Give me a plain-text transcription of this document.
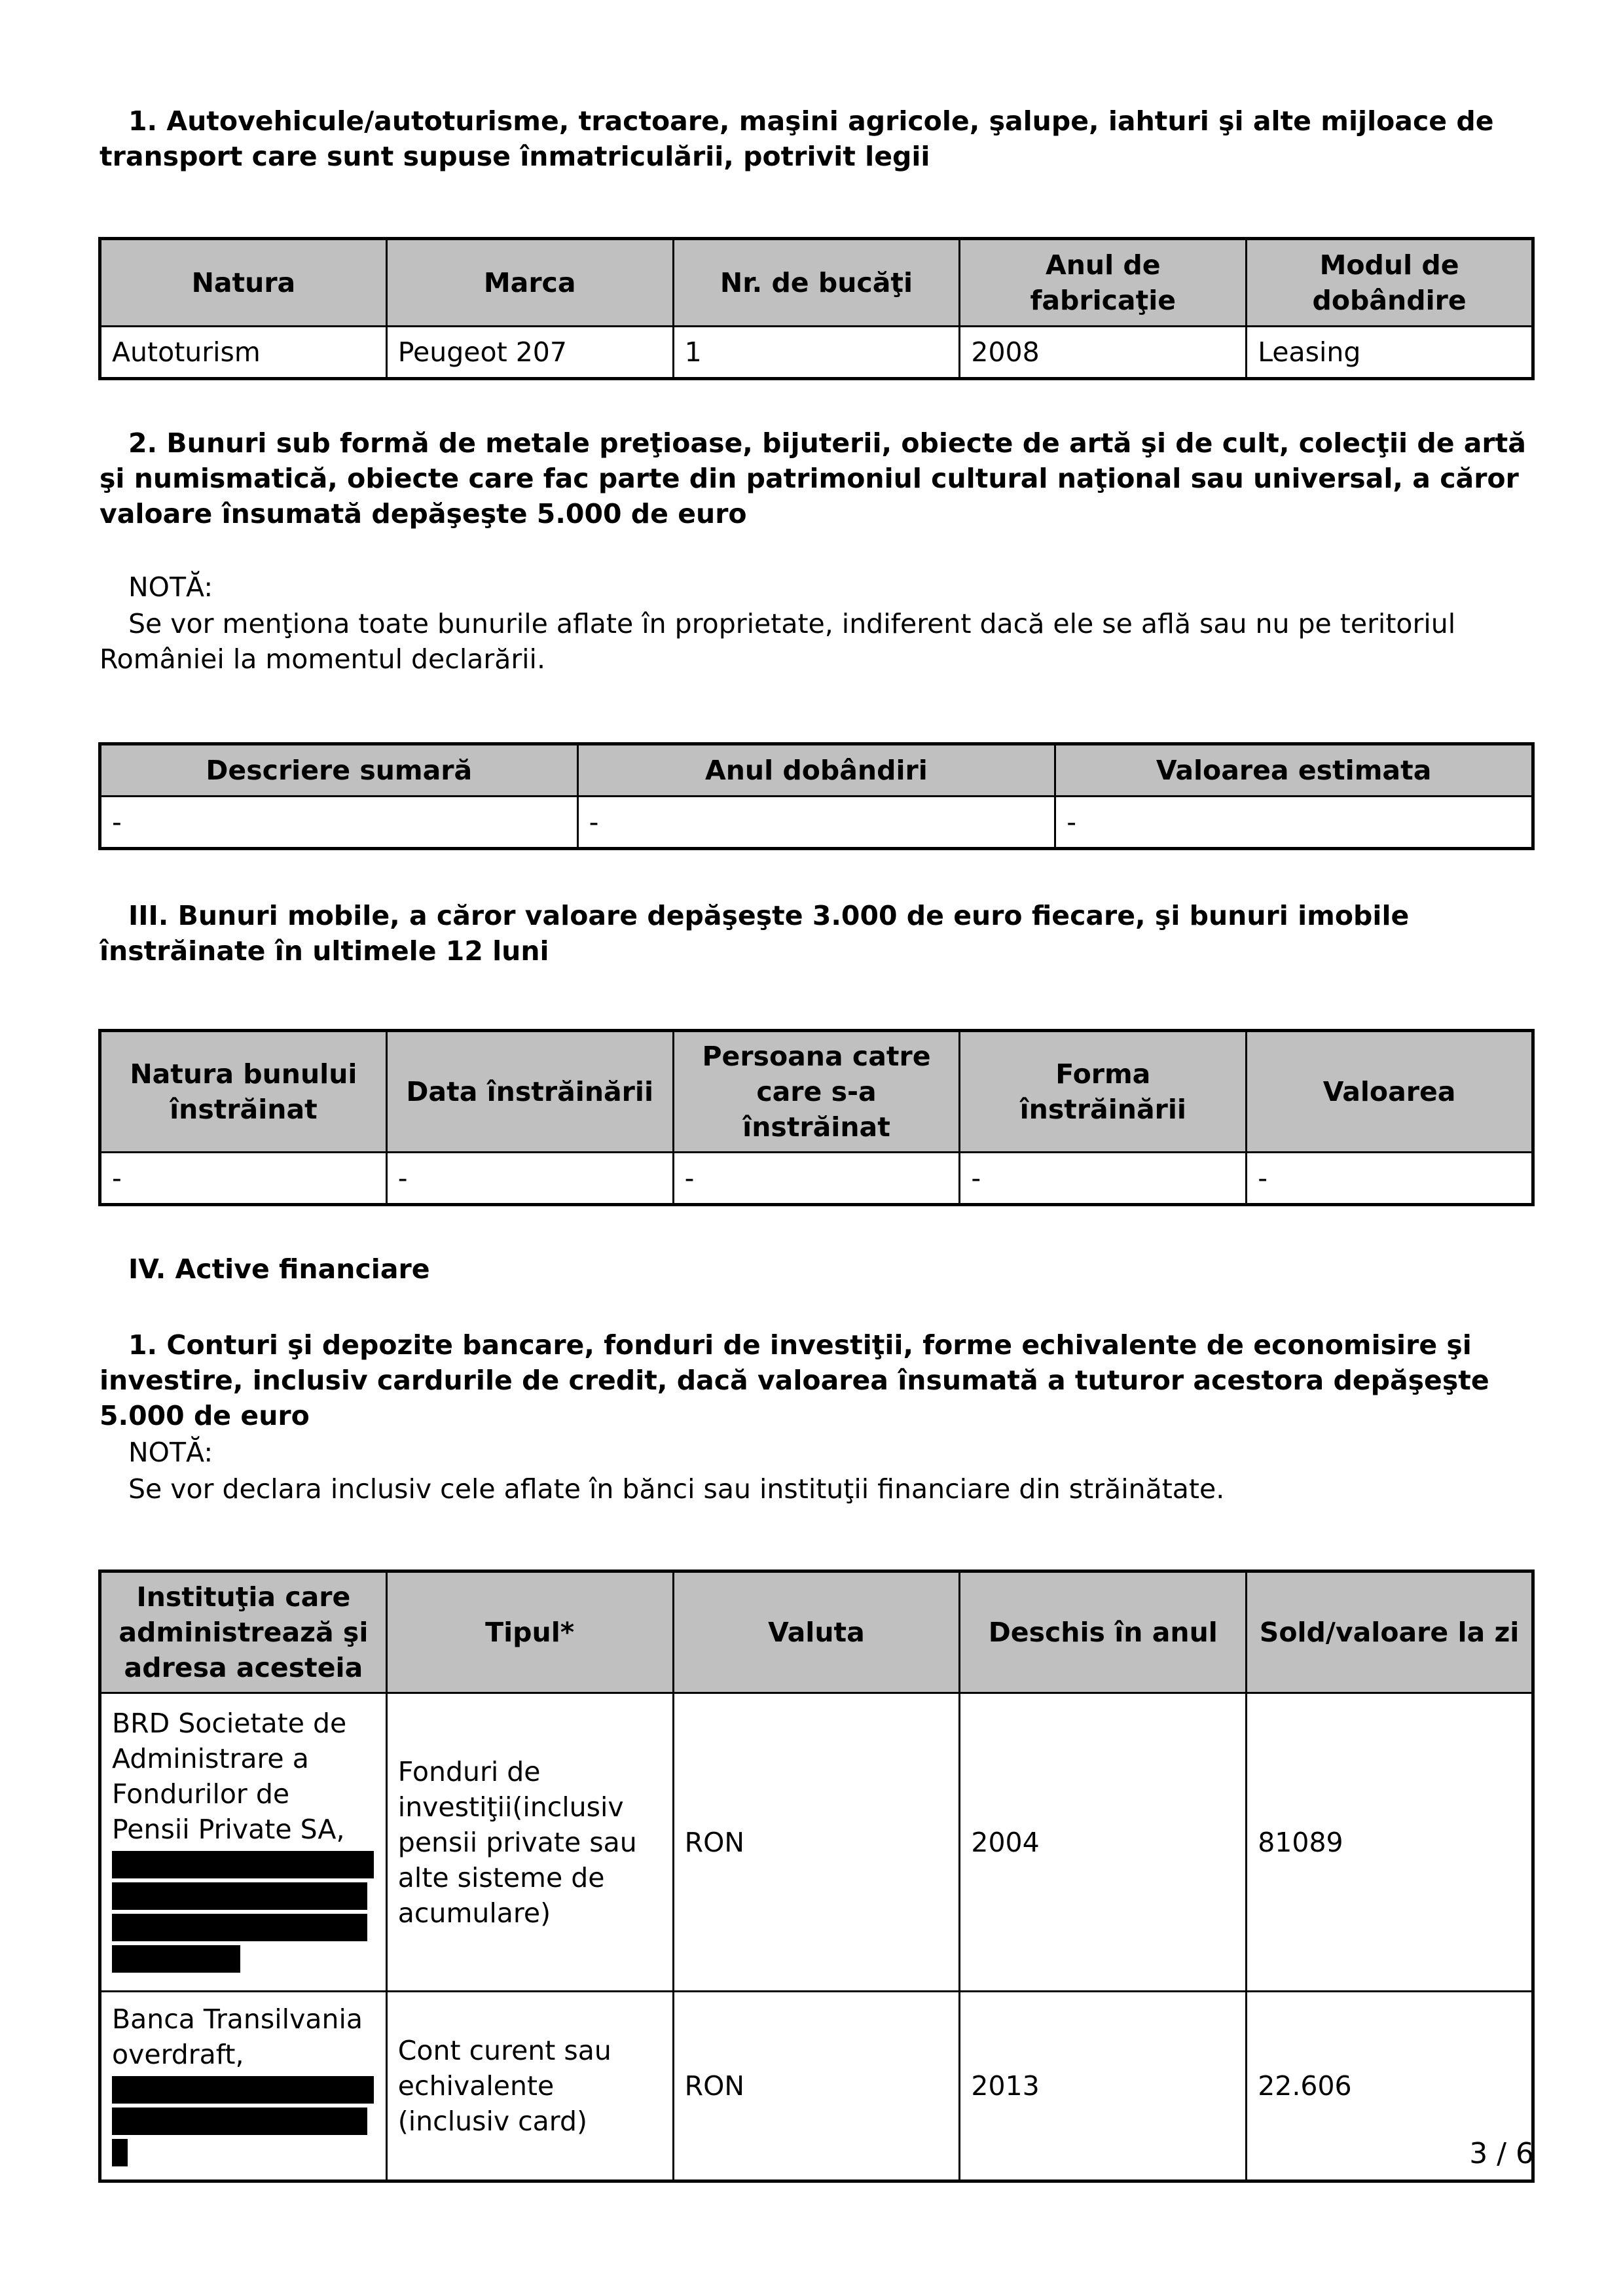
1. Autovehicule/autoturisme, tractoare, maşini agricole, şalupe, iahturi şi alte mijloace de transport care sunt supuse înmatriculării, potrivit legii

Natura	Marca	Nr. de bucăţi	Anul de fabricaţie	Modul de dobândire
Autoturism	Peugeot 207	1	2008	Leasing

2. Bunuri sub formă de metale preţioase, bijuterii, obiecte de artă şi de cult, colecţii de artă şi numismatică, obiecte care fac parte din patrimoniul cultural naţional sau universal, a căror valoare însumată depăşeşte 5.000 de euro

NOTĂ:

Se vor menţiona toate bunurile aflate în proprietate, indiferent dacă ele se află sau nu pe teritoriul României la momentul declarării.

Descriere sumară	Anul dobândiri	Valoarea estimata
-	-	-

III. Bunuri mobile, a căror valoare depăşeşte 3.000 de euro fiecare, şi bunuri imobile înstrăinate în ultimele 12 luni

Natura bunului înstrăinat	Data înstrăinării	Persoana catre care s-a înstrăinat	Forma înstrăinării	Valoarea
-	-	-	-	-

IV. Active financiare

1. Conturi şi depozite bancare, fonduri de investiţii, forme echivalente de economisire şi investire, inclusiv cardurile de credit, dacă valoarea însumată a tuturor acestora depăşeşte 5.000 de euro

NOTĂ:

Se vor declara inclusiv cele aflate în bănci sau instituţii financiare din străinătate.

Instituţia care administrează şi adresa acesteia	Tipul*	Valuta	Deschis în anul	Sold/valoare la zi
BRD Societate de Administrare a Fondurilor de Pensii Private SA,	Fonduri de investiţii(inclusiv pensii private sau alte sisteme de acumulare)	RON	2004	81089
Banca Transilvania overdraft,	Cont curent sau echivalente (inclusiv card)	RON	2013	22.606
3 / 6
